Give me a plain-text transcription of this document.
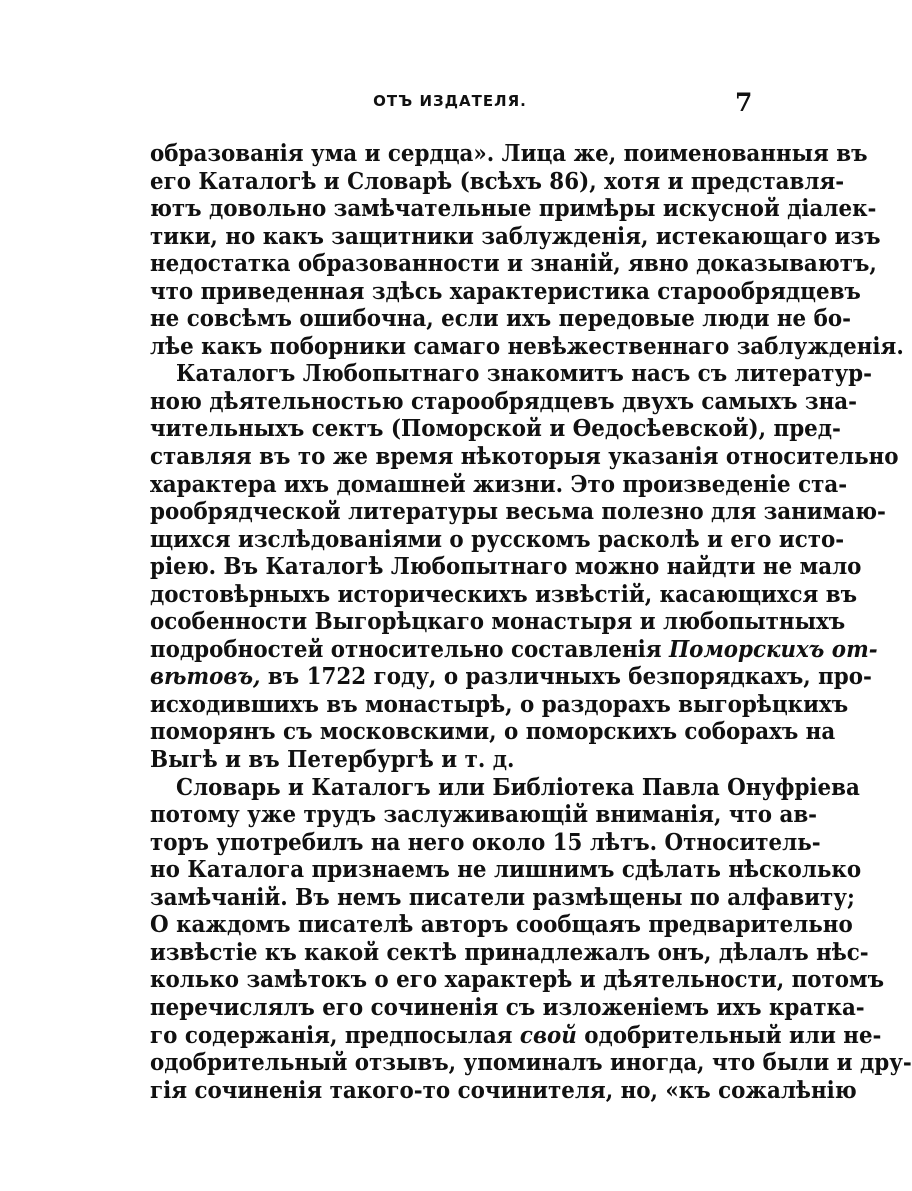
ОТЪ ИЗДАТЕЛЯ.	7
образованія ума и сердца». Лица же, поименованныя въ
его Каталогѣ и Словарѣ (всѣхъ 86), хотя и представля-
ютъ довольно замѣчательные примѣры искусной діалек-
тики, но какъ защитники заблужденія, истекающаго изъ
недостатка образованности и знаній, явно доказываютъ,
что приведенная здѣсь характеристика старообрядцевъ
не совсѣмъ ошибочна, если ихъ передовые люди не бо-
лѣе какъ поборники самаго невѣжественнаго заблужденія.
Каталогъ Любопытнаго знакомитъ насъ съ литератур-
ною дѣятельностью старообрядцевъ двухъ самыхъ зна-
чительныхъ сектъ (Поморской и Ѳедосѣевской), пред-
ставляя въ то же время нѣкоторыя указанія относительно
характера ихъ домашней жизни. Это произведеніе ста-
рообрядческой литературы весьма полезно для занимаю-
щихся изслѣдованіями о русскомъ расколѣ и его исто-
ріею. Въ Каталогѣ Любопытнаго можно найдти не мало
достовѣрныхъ историческихъ извѣстій, касающихся въ
особенности Выгорѣцкаго монастыря и любопытныхъ
подробностей относительно составленія Поморскихъ от-
вѣтовъ, въ 1722 году, о различныхъ безпорядкахъ, про-
исходившихъ въ монастырѣ, о раздорахъ выгорѣцкихъ
поморянъ съ московскими, о поморскихъ соборахъ на
Выгѣ и въ Петербургѣ и т. д.
Словарь и Каталогъ или Библіотека Павла Онуфріева
потому уже трудъ заслуживающій вниманія, что ав-
торъ употребилъ на него около 15 лѣтъ. Относитель-
но Каталога признаемъ не лишнимъ сдѣлать нѣсколько
замѣчаній. Въ немъ писатели размѣщены по алфавиту;
О каждомъ писателѣ авторъ сообщаяъ предварительно
извѣстіе къ какой сектѣ принадлежалъ онъ, дѣлалъ нѣс-
колько замѣтокъ о его характерѣ и дѣятельности, потомъ
перечислялъ его сочиненія съ изложеніемъ ихъ кратка-
го содержанія, предпосылая свой одобрительный или не-
одобрительный отзывъ, упоминалъ иногда, что были и дру-
гія сочиненія такого-то сочинителя, но, «къ сожалѣнію
